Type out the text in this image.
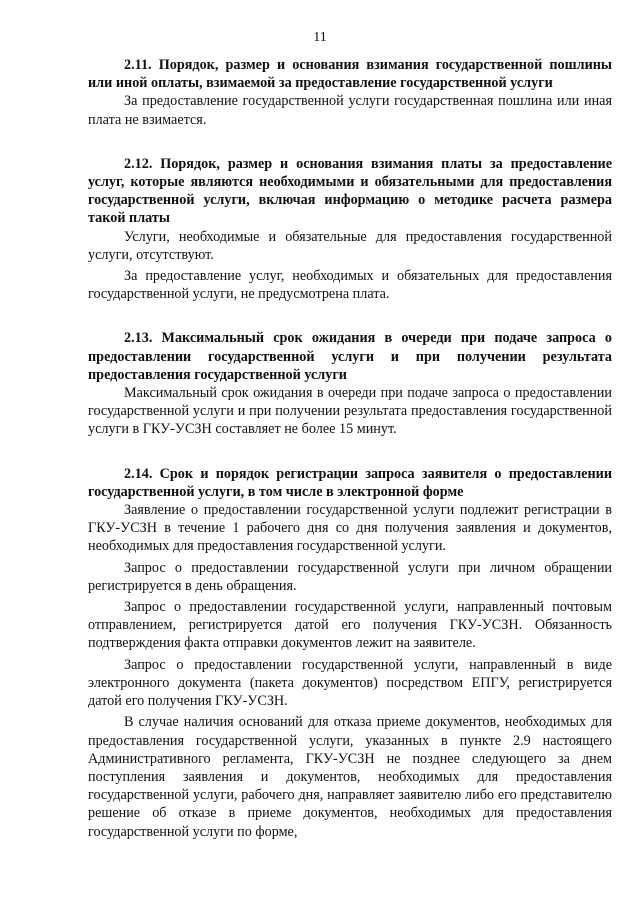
11

2.11. Порядок, размер и основания взимания государственной пошлины или иной оплаты, взимаемой за предоставление государственной услуги

За предоставление государственной услуги государственная пошлина или иная плата не взимается.

2.12. Порядок, размер и основания взимания платы за предоставление услуг, которые являются необходимыми и обязательными для предоставления государственной услуги, включая информацию о методике расчета размера такой платы

Услуги, необходимые и обязательные для предоставления государственной услуги, отсутствуют.

За предоставление услуг, необходимых и обязательных для предоставления государственной услуги, не предусмотрена плата.

2.13. Максимальный срок ожидания в очереди при подаче запроса о предоставлении государственной услуги и при получении результата предоставления государственной услуги

Максимальный срок ожидания в очереди при подаче запроса о предоставлении государственной услуги и при получении результата предоставления государственной услуги в ГКУ-УСЗН составляет не более 15 минут.

2.14. Срок и порядок регистрации запроса заявителя о предоставлении государственной услуги, в том числе в электронной форме

Заявление о предоставлении государственной услуги подлежит регистрации в ГКУ-УСЗН в течение 1 рабочего дня со дня получения заявления и документов, необходимых для предоставления государственной услуги.

Запрос о предоставлении государственной услуги при личном обращении регистрируется в день обращения.

Запрос о предоставлении государственной услуги, направленный почтовым отправлением, регистрируется датой его получения ГКУ-УСЗН. Обязанность подтверждения факта отправки документов лежит на заявителе.

Запрос о предоставлении государственной услуги, направленный в виде электронного документа (пакета документов) посредством ЕПГУ, регистрируется датой его получения ГКУ-УСЗН.

В случае наличия оснований для отказа приеме документов, необходимых для предоставления государственной услуги, указанных в пункте 2.9 настоящего Административного регламента, ГКУ-УСЗН не позднее следующего за днем поступления заявления и документов, необходимых для предоставления государственной услуги, рабочего дня, направляет заявителю либо его представителю решение об отказе в приеме документов, необходимых для предоставления государственной услуги по форме,
